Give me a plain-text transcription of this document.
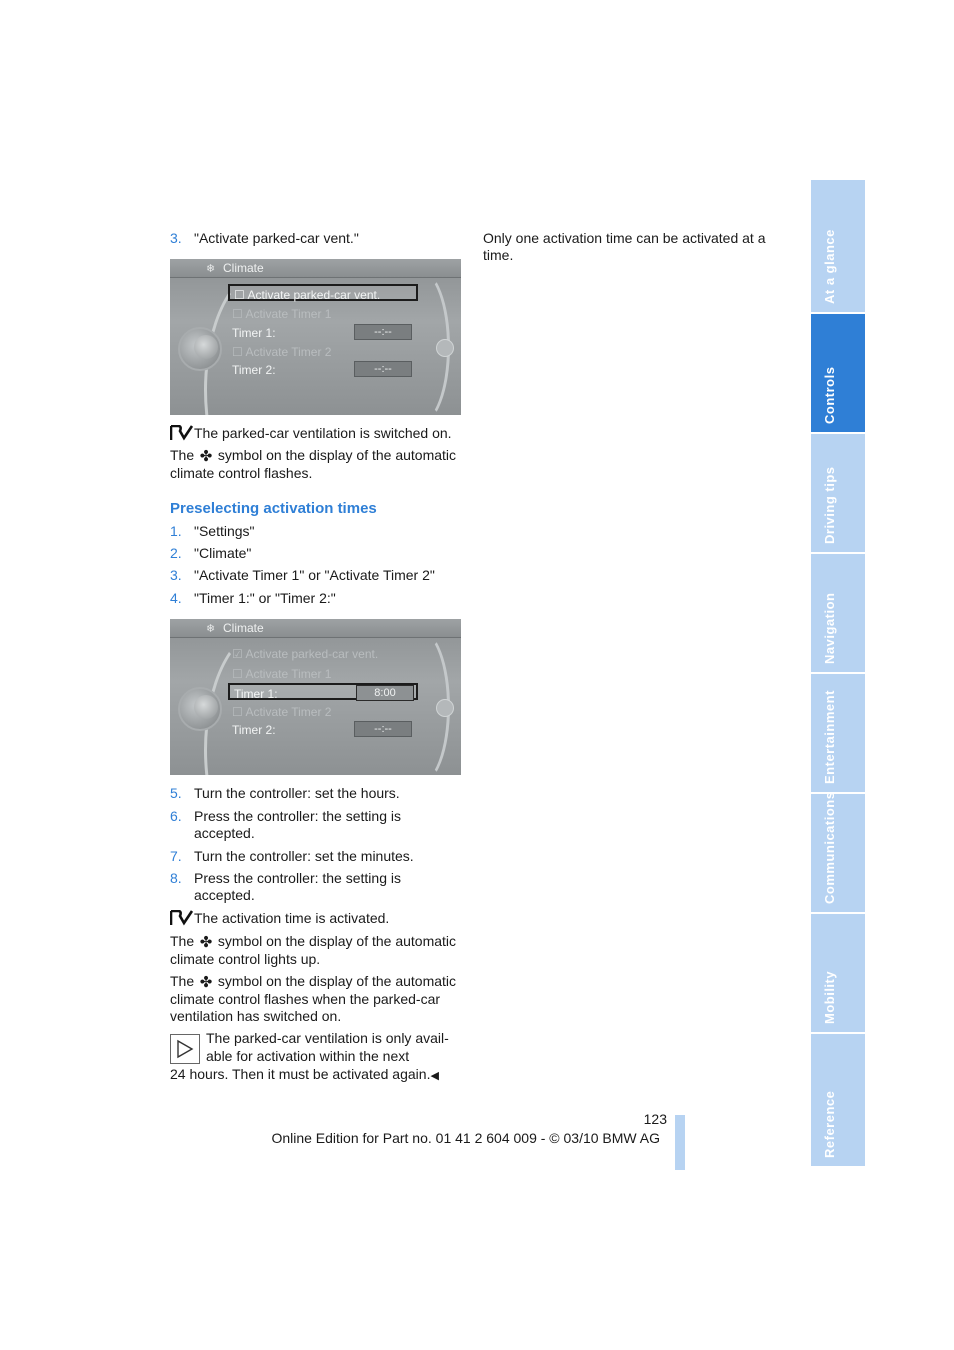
3. "Activate parked-car vent."
❄ Climate
☐ Activate parked-car vent.
☐ Activate Timer 1
Timer 1:	--:--
☐ Activate Timer 2
Timer 2:	--:--
The parked-car ventilation is switched on.
The ✤ symbol on the display of the automatic climate control flashes.
Preselecting activation times
1. "Settings"
2. "Climate"
3. "Activate Timer 1" or "Activate Timer 2"
4. "Timer 1:" or "Timer 2:"
❄ Climate
☑ Activate parked-car vent.
☐ Activate Timer 1
Timer 1:	8:00
☐ Activate Timer 2
Timer 2:	--:--
5. Turn the controller: set the hours.
6. Press the controller: the setting is accepted.
7. Turn the controller: set the minutes.
8. Press the controller: the setting is accepted.
The activation time is activated.
The ✤ symbol on the display of the automatic climate control lights up.
The ✤ symbol on the display of the automatic climate control flashes when the parked-car ventilation has switched on.
The parked-car ventilation is only avail-
able for activation within the next
24 hours. Then it must be activated again.◀
Only one activation time can be activated at a time.	At a glance
Controls
Driving tips
Navigation
Entertainment
Communications
Mobility
Reference
123
Online Edition for Part no. 01 41 2 604 009 - © 03/10 BMW AG
